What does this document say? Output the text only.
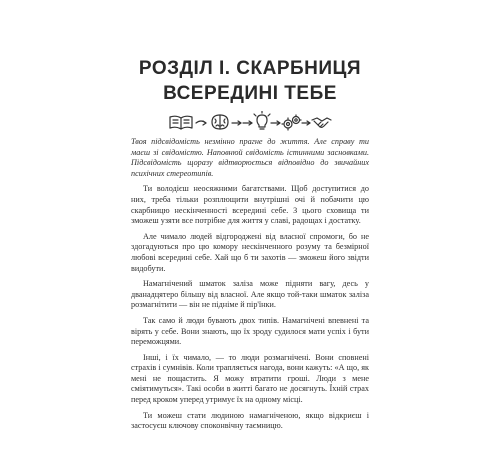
РОЗДІЛ I. СКАРБНИЦЯ
ВСЕРЕДИНІ ТЕБЕ

Твоя підсвідомість незмінно прагне до життя. Але справу ти маєш зі свідомістю. Наповнюй свідомість істинними засновками. Підсвідомість щоразу відтворюється відповідно до звичайних психічних стереотипів.

Ти володієш неосяжними багатствами. Щоб доступитися до них, треба тільки розплющити внутрішні очі й побачити цю скарбницю нескінченності всередині себе. З цього сховища ти зможеш узяти все потрібне для життя у славі, радощах і достатку.

Але чимало людей відгороджені від власної спромоги, бо не здогадуються про цю комору нескінченного розуму та безмірної любові всередині себе. Хай що б ти захотів — зможеш його звідти видобути.

Намагнічений шматок заліза може підняти вагу, десь у дванадцятеро більшу від власної. Але якщо той-таки шматок заліза розмагнітити — він не підніме й пір'їнки.

Так само й люди бувають двох типів. Намагнічені впевнені та вірять у себе. Вони знають, що їх зроду судилося мати успіх і бути переможцями.

Інші, і їх чимало, — то люди розмагнічені. Вони сповнені страхів і сумнівів. Коли трапляється нагода, вони кажуть: «А що, як мені не пощастить. Я можу втратити гроші. Люди з мене сміятимуться». Такі особи в житті багато не досягнуть. Їхній страх перед кроком уперед утримує їх на одному місці.

Ти можеш стати людиною намагніченою, якщо відкриєш і застосуєш ключову споконвічну таємницю.
